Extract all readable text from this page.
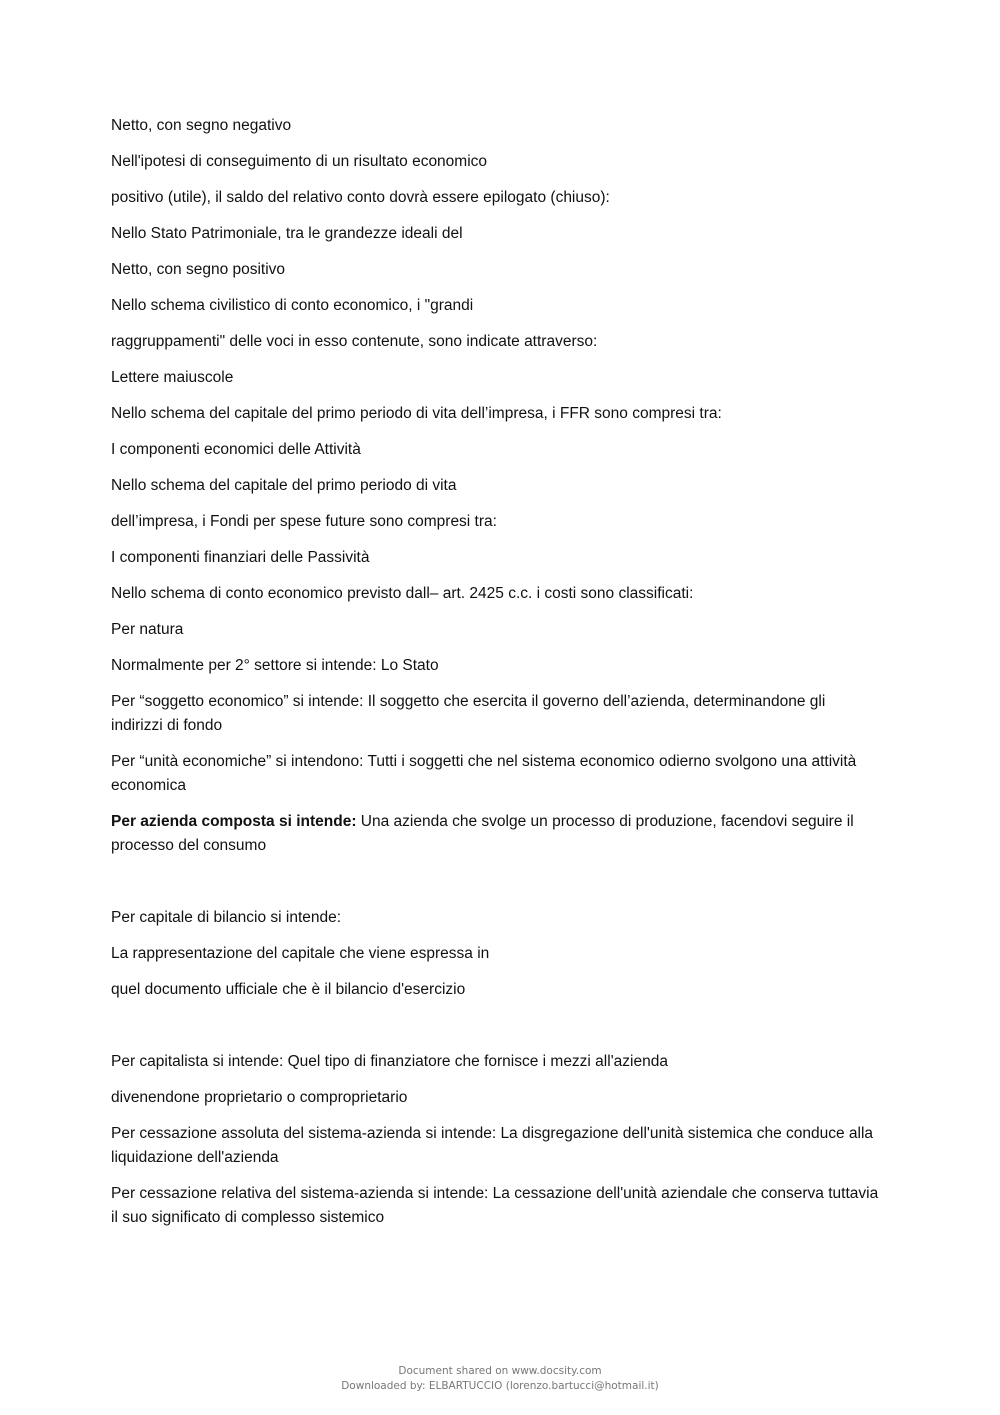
Netto, con segno negativo

Nell'ipotesi di conseguimento di un risultato economico

positivo (utile), il saldo del relativo conto dovrà essere epilogato (chiuso):

Nello Stato Patrimoniale, tra le grandezze ideali del

Netto, con segno positivo

Nello schema civilistico di conto economico, i "grandi

raggruppamenti" delle voci in esso contenute, sono indicate attraverso:

Lettere maiuscole

Nello schema del capitale del primo periodo di vita dell’impresa, i FFR sono compresi tra:

I componenti economici delle Attività

Nello schema del capitale del primo periodo di vita

dell’impresa, i Fondi per spese future sono compresi tra:

I componenti finanziari delle Passività

Nello schema di conto economico previsto dall– art. 2425 c.c. i costi sono classificati:

Per natura

Normalmente per 2° settore si intende: Lo Stato

Per “soggetto economico” si intende: Il soggetto che esercita il governo dell’azienda, determinandone gli indirizzi di fondo

Per “unità economiche” si intendono: Tutti i soggetti che nel sistema economico odierno svolgono una attività economica

Per azienda composta si intende: Una azienda che svolge un processo di produzione, facendovi seguire il processo del consumo

Per capitale di bilancio si intende:

La rappresentazione del capitale che viene espressa in

quel documento ufficiale che è il bilancio d'esercizio

Per capitalista si intende: Quel tipo di finanziatore che fornisce i mezzi all'azienda

divenendone proprietario o comproprietario

Per cessazione assoluta del sistema-azienda si intende: La disgregazione dell'unità sistemica che conduce alla liquidazione dell'azienda

Per cessazione relativa del sistema-azienda si intende: La cessazione dell'unità aziendale che conserva tuttavia il suo significato di complesso sistemico

Document shared on www.docsity.com
Downloaded by: ELBARTUCCIO (lorenzo.bartucci@hotmail.it)
